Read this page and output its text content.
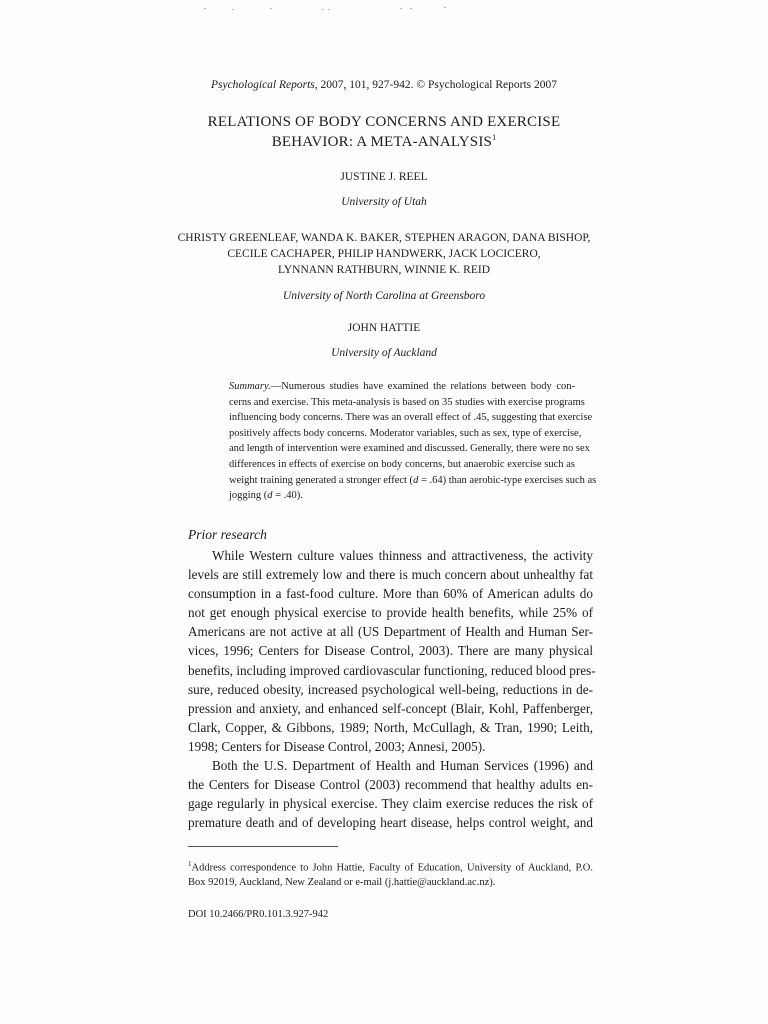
Psychological Reports, 2007, 101, 927-942. © Psychological Reports 2007
RELATIONS OF BODY CONCERNS AND EXERCISE
BEHAVIOR: A META-ANALYSIS$^1$
JUSTINE J. REEL
University of Utah
CHRISTY GREENLEAF, WANDA K. BAKER, STEPHEN ARAGON, DANA BISHOP,
CECILE CACHAPER, PHILIP HANDWERK, JACK LOCICERO,
LYNNANN RATHBURN, WINNIE K. REID
University of North Carolina at Greensboro
JOHN HATTIE
University of Auckland
Summary.—Numerous studies have examined the relations between body con-
cerns and exercise. This meta-analysis is based on 35 studies with exercise programs
influencing body concerns. There was an overall effect of .45, suggesting that exercise
positively affects body concerns. Moderator variables, such as sex, type of exercise,
and length of intervention were examined and discussed. Generally, there were no sex
differences in effects of exercise on body concerns, but anaerobic exercise such as
weight training generated a stronger effect (d = .64) than aerobic-type exercises such as
jogging (d = .40).
Prior research
While Western culture values thinness and attractiveness, the activity
levels are still extremely low and there is much concern about unhealthy fat
consumption in a fast-food culture. More than 60% of American adults do
not get enough physical exercise to provide health benefits, while 25% of
Americans are not active at all (US Department of Health and Human Ser-
vices, 1996; Centers for Disease Control, 2003). There are many physical
benefits, including improved cardiovascular functioning, reduced blood pres-
sure, reduced obesity, increased psychological well-being, reductions in de-
pression and anxiety, and enhanced self-concept (Blair, Kohl, Paffenberger,
Clark, Copper, & Gibbons, 1989; North, McCullagh, & Tran, 1990; Leith,
1998; Centers for Disease Control, 2003; Annesi, 2005).
Both the U.S. Department of Health and Human Services (1996) and
the Centers for Disease Control (2003) recommend that healthy adults en-
gage regularly in physical exercise. They claim exercise reduces the risk of
premature death and of developing heart disease, helps control weight, and
$^1$Address correspondence to John Hattie, Faculty of Education, University of Auckland, P.O.
Box 92019, Auckland, New Zealand or e-mail (j.hattie@auckland.ac.nz).
DOI 10.2466/PR0.101.3.927-942
